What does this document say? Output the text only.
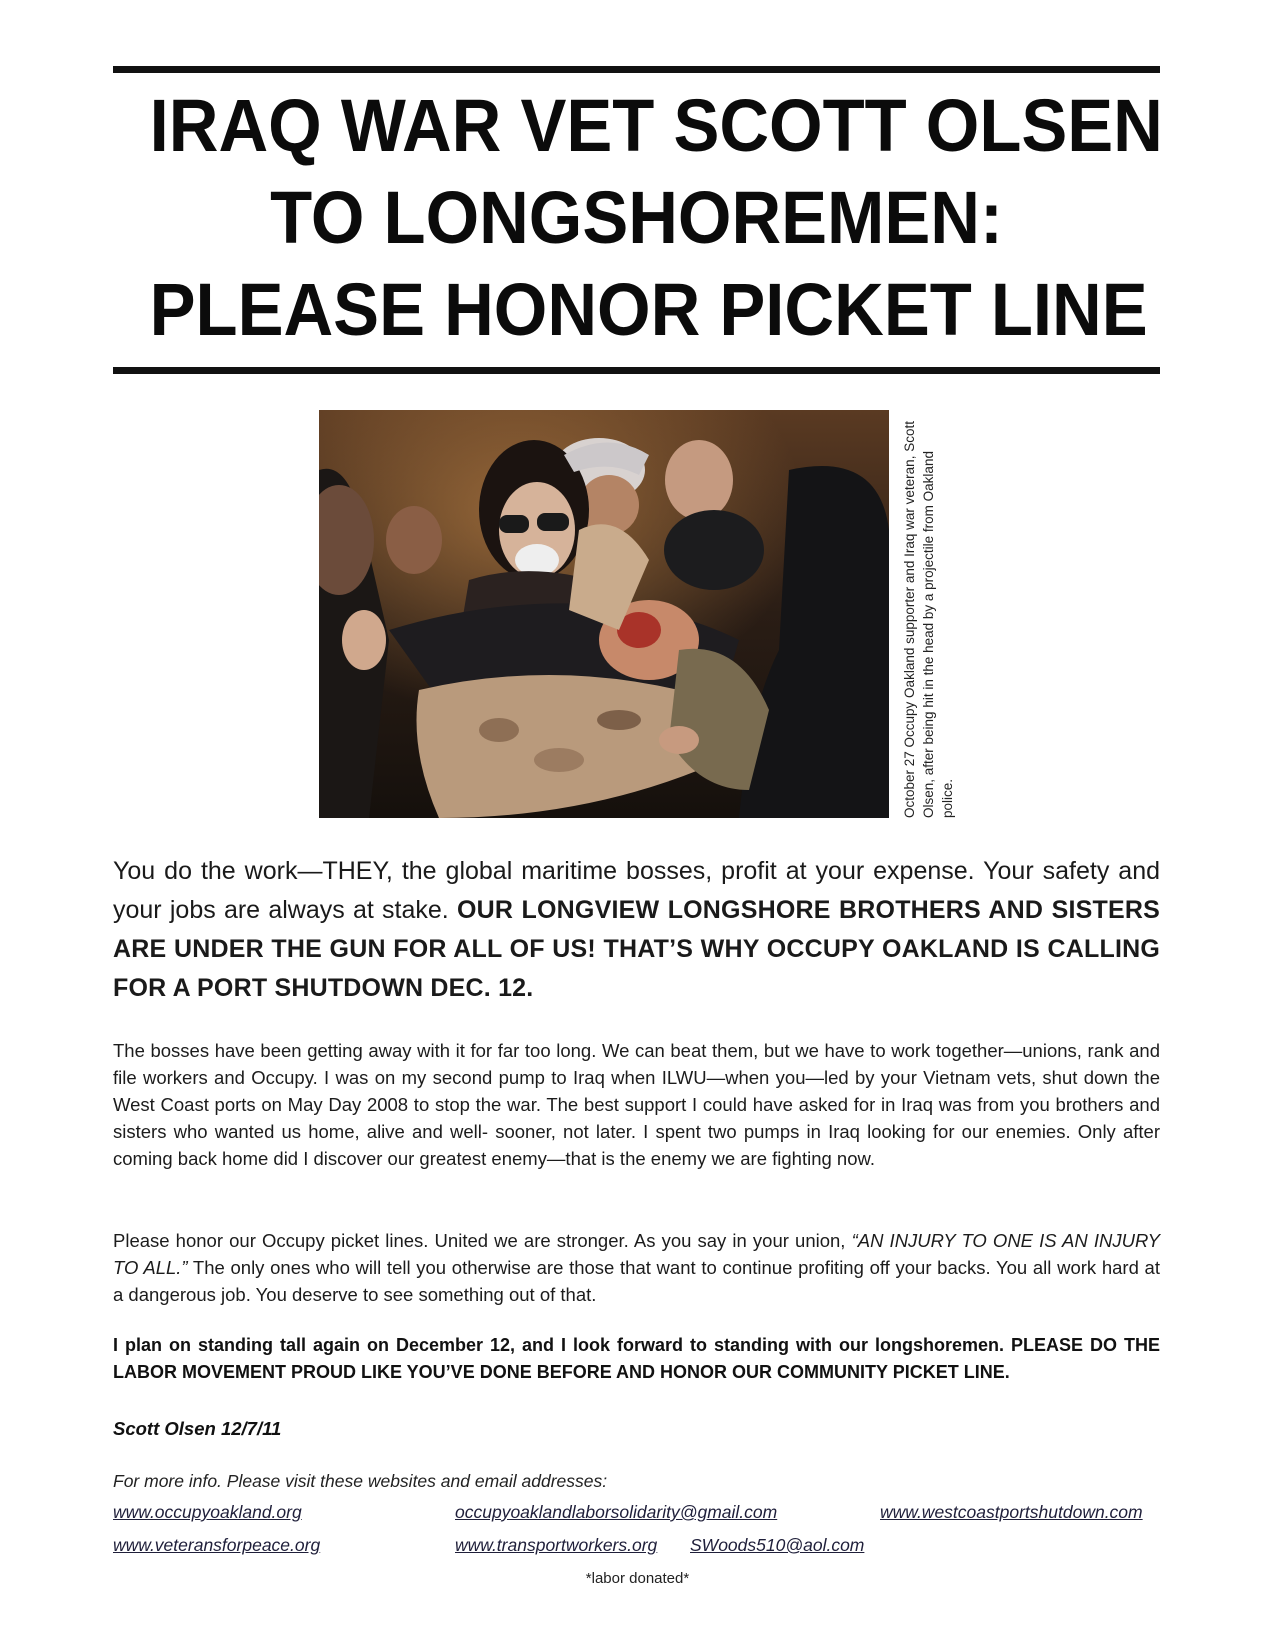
IRAQ WAR VET SCOTT OLSEN
TO LONGSHOREMEN:
PLEASE HONOR PICKET LINE
October 27 Occupy Oakland supporter and Iraq war veteran, Scott Olsen, after being hit in the head by a projectile from Oakland police.
You do the work—THEY, the global maritime bosses, profit at your expense. Your safety and your jobs are always at stake. OUR LONGVIEW LONGSHORE BROTHERS AND SISTERS ARE UNDER THE GUN FOR ALL OF US! THAT’S WHY OCCUPY OAKLAND IS CALLING FOR A PORT SHUTDOWN DEC. 12.
The bosses have been getting away with it for far too long. We can beat them, but we have to work together—unions, rank and file workers and Occupy. I was on my second pump to Iraq when ILWU—when you—led by your Vietnam vets, shut down the West Coast ports on May Day 2008 to stop the war. The best support I could have asked for in Iraq was from you brothers and sisters who wanted us home, alive and well- sooner, not later. I spent two pumps in Iraq looking for our enemies. Only after coming back home did I discover our greatest enemy—that is the enemy we are fighting now.
Please honor our Occupy picket lines. United we are stronger. As you say in your union, “AN INJURY TO ONE IS AN INJURY TO ALL.” The only ones who will tell you otherwise are those that want to continue profiting off your backs. You all work hard at a dangerous job. You deserve to see something out of that.
I plan on standing tall again on December 12, and I look forward to standing with our longshoremen. PLEASE DO THE LABOR MOVEMENT PROUD LIKE YOU’VE DONE BEFORE AND HONOR OUR COMMUNITY PICKET LINE.
Scott Olsen 12/7/11
For more info. Please visit these websites and email addresses:
www.occupyoakland.org	occupyoaklandlaborsolidarity@gmail.com	www.westcoastportshutdown.com
www.veteransforpeace.org	www.transportworkers.org SWoods510@aol.com
*labor donated*
